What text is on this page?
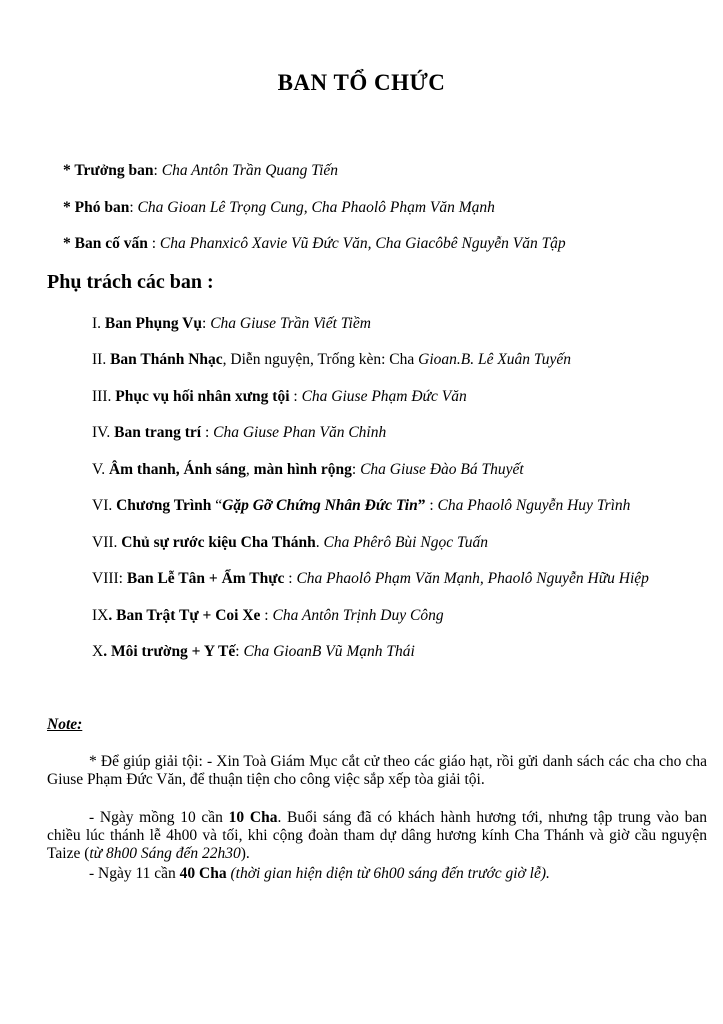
BAN TỔ CHỨC
* Trưởng ban: Cha Antôn Trần Quang Tiến
* Phó ban: Cha Gioan Lê Trọng Cung, Cha Phaolô Phạm Văn Mạnh
* Ban cố vấn : Cha Phanxicô Xavie Vũ Đức Văn, Cha Giacôbê Nguyễn Văn Tập
Phụ trách các ban :
I. Ban Phụng Vụ: Cha Giuse Trần Viết Tiềm
II. Ban Thánh Nhạc, Diễn nguyện, Trống kèn: Cha Gioan.B. Lê Xuân Tuyến
III. Phục vụ hối nhân xưng tội : Cha Giuse Phạm Đức Văn
IV. Ban trang trí : Cha Giuse Phan Văn Chỉnh
V. Âm thanh, Ánh sáng, màn hình rộng: Cha Giuse Đào Bá Thuyết
VI. Chương Trình “Gặp Gỡ Chứng Nhân Đức Tin” : Cha Phaolô Nguyễn Huy Trình
VII. Chủ sự rước kiệu Cha Thánh. Cha Phêrô Bùi Ngọc Tuấn
VIII: Ban Lễ Tân + Ẩm Thực : Cha Phaolô Phạm Văn Mạnh, Phaolô Nguyễn Hữu Hiệp
IX. Ban Trật Tự + Coi Xe : Cha Antôn Trịnh Duy Công
X. Môi trường + Y Tế: Cha GioanB Vũ Mạnh Thái
Note:
* Để giúp giải tội: - Xin Toà Giám Mục cắt cử theo các giáo hạt, rồi gửi danh sách các cha cho cha Giuse Phạm Đức Văn, để thuận tiện cho công việc sắp xếp tòa giải tội.
- Ngày mồng 10 cần 10 Cha. Buổi sáng đã có khách hành hương tới, nhưng tập trung vào ban chiều lúc thánh lễ 4h00 và tối, khi cộng đoàn tham dự dâng hương kính Cha Thánh và giờ cầu nguyện Taize (từ 8h00 Sáng đến 22h30).
- Ngày 11 cần 40 Cha (thời gian hiện diện từ 6h00 sáng đến trước giờ lễ).
